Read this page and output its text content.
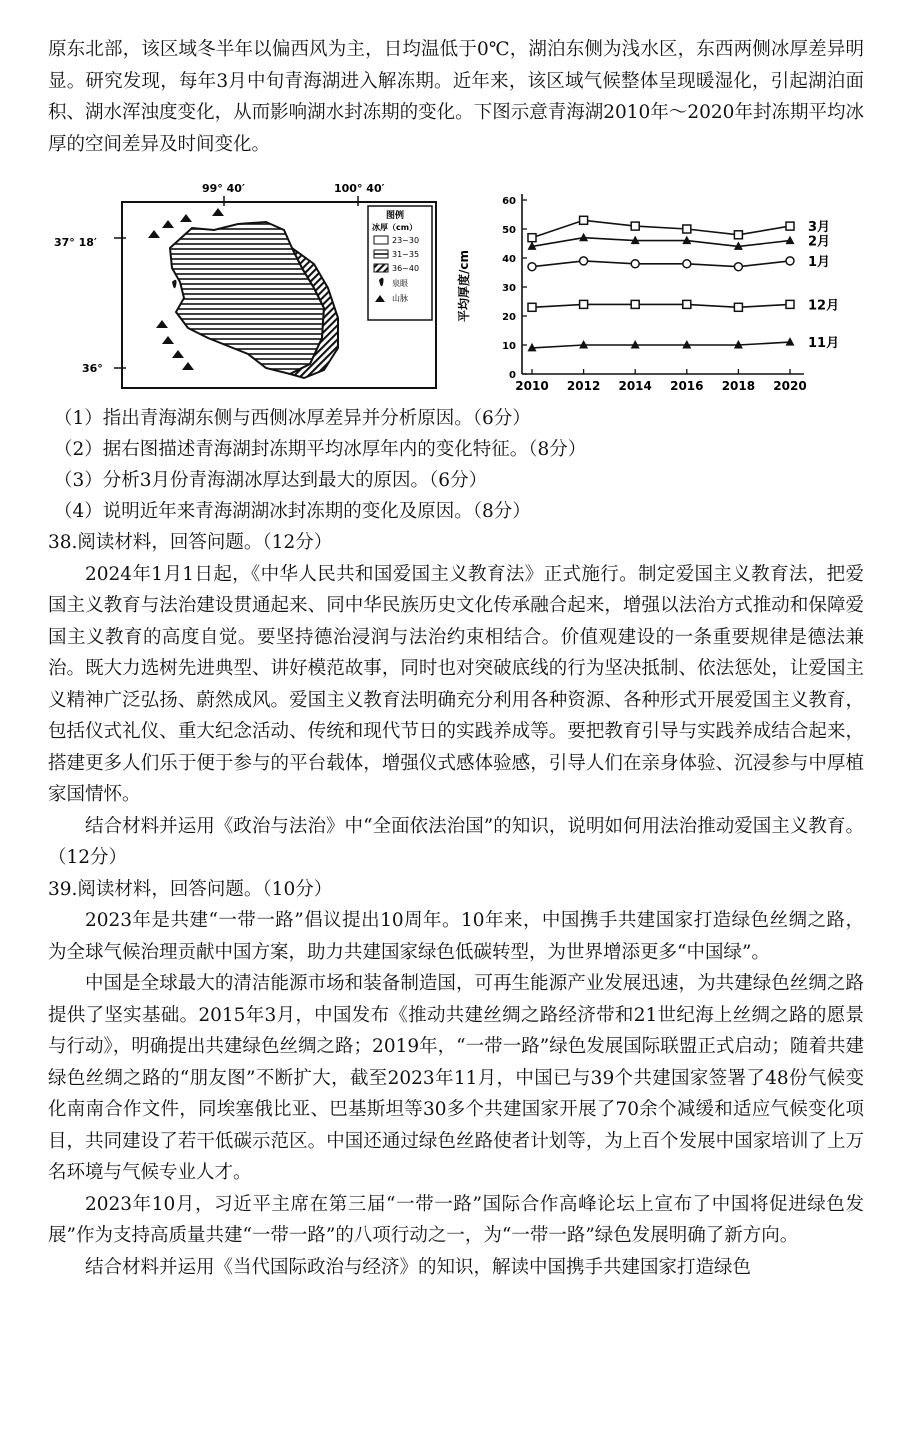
原东北部，该区域冬半年以偏西风为主，日均温低于0℃，湖泊东侧为浅水区，东西两侧冰厚差异明显。研究发现，每年3月中旬青海湖进入解冻期。近年来，该区域气候整体呈现暖湿化，引起湖泊面积、湖水浑浊度变化，从而影响湖水封冻期的变化。下图示意青海湖2010年～2020年封冻期平均冰厚的空间差异及时间变化。

99° 40′	100° 40′
37° 18′
36°
图例
冰厚（cm）
23~30
31~35
36~40
泉眼
山脉
0
10
20
30
40
50
60
2010 2012 2014 2016 2018 2020
3月
2月
1月
12月
11月
平均厚度/cm

（1）指出青海湖东侧与西侧冰厚差异并分析原因。（6分）

（2）据右图描述青海湖封冻期平均冰厚年内的变化特征。（8分）

（3）分析3月份青海湖冰厚达到最大的原因。（6分）

（4）说明近年来青海湖湖冰封冻期的变化及原因。（8分）

38.阅读材料，回答问题。（12分）

2024年1月1日起，《中华人民共和国爱国主义教育法》正式施行。制定爱国主义教育法，把爱国主义教育与法治建设贯通起来、同中华民族历史文化传承融合起来，增强以法治方式推动和保障爱国主义教育的高度自觉。要坚持德治浸润与法治约束相结合。价值观建设的一条重要规律是德法兼治。既大力选树先进典型、讲好模范故事，同时也对突破底线的行为坚决抵制、依法惩处，让爱国主义精神广泛弘扬、蔚然成风。爱国主义教育法明确充分利用各种资源、各种形式开展爱国主义教育，包括仪式礼仪、重大纪念活动、传统和现代节日的实践养成等。要把教育引导与实践养成结合起来，搭建更多人们乐于便于参与的平台载体，增强仪式感体验感，引导人们在亲身体验、沉浸参与中厚植家国情怀。

结合材料并运用《政治与法治》中“全面依法治国”的知识，说明如何用法治推动爱国主义教育。（12分）

39.阅读材料，回答问题。（10分）

2023年是共建“一带一路”倡议提出10周年。10年来，中国携手共建国家打造绿色丝绸之路，为全球气候治理贡献中国方案，助力共建国家绿色低碳转型，为世界增添更多“中国绿”。

中国是全球最大的清洁能源市场和装备制造国，可再生能源产业发展迅速，为共建绿色丝绸之路提供了坚实基础。2015年3月，中国发布《推动共建丝绸之路经济带和21世纪海上丝绸之路的愿景与行动》，明确提出共建绿色丝绸之路；2019年，“一带一路”绿色发展国际联盟正式启动；随着共建绿色丝绸之路的“朋友图”不断扩大，截至2023年11月，中国已与39个共建国家签署了48份气候变化南南合作文件，同埃塞俄比亚、巴基斯坦等30多个共建国家开展了70余个减缓和适应气候变化项目，共同建设了若干低碳示范区。中国还通过绿色丝路使者计划等，为上百个发展中国家培训了上万名环境与气候专业人才。

2023年10月，习近平主席在第三届“一带一路”国际合作高峰论坛上宣布了中国将促进绿色发展”作为支持高质量共建“一带一路”的八项行动之一，为“一带一路”绿色发展明确了新方向。

结合材料并运用《当代国际政治与经济》的知识，解读中国携手共建国家打造绿色
